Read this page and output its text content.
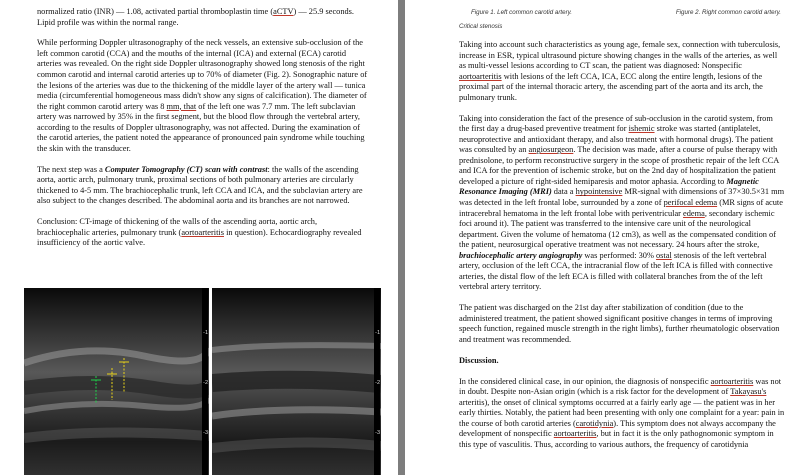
normalized ratio (INR) — 1.08, activated partial thromboplastin time (aCTV) — 25.9 seconds. Lipid profile was within the normal range.

While performing Doppler ultrasonography of the neck vessels, an extensive sub-occlusion of the left common carotid (CCA) and the mouths of the internal (ICA) and external (ECA) carotid arteries was revealed. On the right side Doppler ultrasonography showed long stenosis of the right common carotid and internal carotid arteries up to 70% of diameter (Fig. 2). Sonographic nature of the lesions of the arteries was due to the thickening of the middle layer of the artery wall — tunica media (circumferential homogeneous mass didn't show any signs of calcification). The diameter of the right common carotid artery was 8 mm, that of the left one was 7.7 mm. The left subclavian artery was narrowed by 35% in the first segment, but the blood flow through the vertebral artery, according to the results of Doppler ultrasonography, was not affected. During the examination of the carotid arteries, the patient noted the appearance of pronounced pain syndrome while touching the skin with the transducer.

The next step was a Computer Tomography (CT) scan with contrast: the walls of the ascending aorta, aortic arch, pulmonary trunk, proximal sections of both pulmonary arteries are circularly thickened to 4-5 mm. The brachiocephalic trunk, left CCA and ICA, and the subclavian artery are also subject to the changes described. The abdominal aorta and its branches are not narrowed.

Conclusion: CT-image of thickening of the walls of the ascending aorta, aortic arch, brachiocephalic arteries, pulmonary trunk (aortoarteritis in question). Echocardiography revealed insufficiency of the aortic valve.

-1
-2
-3
-1
-2
-3
Figure 1. Left common carotid artery.	Figure 2. Right common carotid artery.
Critical stenosis

Taking into account such characteristics as young age, female sex, connection with tuberculosis, increase in ESR, typical ultrasound picture showing changes in the walls of the arteries, as well as multi-vessel lesions according to CT scan, the patient was diagnosed: Nonspecific aortoarteritis with lesions of the left CCA, ICA, ECC along the entire length, lesions of the proximal part of the internal thoracic artery, the ascending part of the aorta and its arch, the pulmonary trunk.

Taking into consideration the fact of the presence of sub-occlusion in the carotid system, from the first day a drug-based preventive treatment for ishemic stroke was started (antiplatelet, neuroprotective and antioxidant therapy, and also treatment with hormonal drugs). The patient was consulted by an angiosurgeon. The decision was made, after a course of pulse therapy with prednisolone, to perform reconstructive surgery in the scope of prosthetic repair of the left CCA and ICA for the prevention of ischemic stroke, but on the 2nd day of hospitalization the patient developed a picture of right-sided hemiparesis and motor aphasia. According to Magnetic Resonance Imaging (MRI) data a hypointensive MR-signal with dimensions of 37×30.5×31 mm was detected in the left frontal lobe, surrounded by a zone of perifocal edema (MR signs of acute intracerebral hematoma in the left frontal lobe with periventricular edema, secondary ischemic foci around it). The patient was transferred to the intensive care unit of the neurological department. Given the volume of hematoma (12 cm3), as well as the compensated condition of the patient, neurosurgical operative treatment was not necessary. 24 hours after the stroke, brachiocephalic artery angiography was performed: 30% ostal stenosis of the left vertebral artery, occlusion of the left CCA, the intracranial flow of the left ICA is filled with connective arteries, the distal flow of the left ECA is filled with collateral branches from the of the left vertebral artery territory.

The patient was discharged on the 21st day after stabilization of condition (due to the administered treatment, the patient showed significant positive changes in terms of improving speech function, regained muscle strength in the right limbs), further rheumatologic observation and treatment was recommended.

Discussion.

In the considered clinical case, in our opinion, the diagnosis of nonspecific aortoarteritis was not in doubt. Despite non-Asian origin (which is a risk factor for the development of Takayasu's arteritis), the onset of clinical symptoms occurred at a fairly early age — the patient was in her early thirties. Notably, the patient had been presenting with only one complaint for a year: pain in the course of both carotid arteries (carotidynia). This symptom does not always accompany the development of nonspecific aortoarteritis, but in fact it is the only pathognomonic symptom in this type of vasculitis. Thus, according to various authors, the frequency of carotidynia
